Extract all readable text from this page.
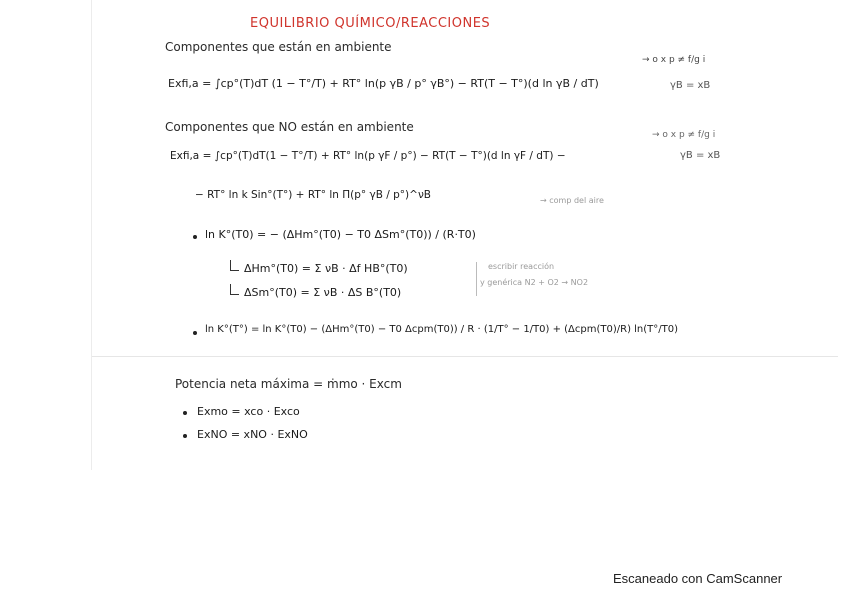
EQUILIBRIO QUÍMICO/REACCIONES
Componentes que están en ambiente
Exfi,a = ∫cp°(T)dT (1 − T°/T) + RT° ln(p γB / p° γB°) − RT(T − T°)(d ln γB / dT)
→ o x p ≠ f/g i
γB = xB
Componentes que NO están en ambiente
→ o x p ≠ f/g i
Exfi,a = ∫cp°(T)dT(1 − T°/T) + RT° ln(p γF / p°) − RT(T − T°)(d ln γF / dT) −	γB = xB
− RT° ln k Sin°(T°) + RT° ln Π(p° γB / p°)^νB	→ comp del aire
ln K°(T0) = − (ΔHm°(T0) − T0 ΔSm°(T0)) / (R·T0)
ΔHm°(T0) = Σ νB · Δf HB°(T0)
ΔSm°(T0) = Σ νB · ΔS B°(T0)
escribir reacción
y genérica N2 + O2 → NO2
ln K°(T°) = ln K°(T0) − (ΔHm°(T0) − T0 Δcpm(T0)) / R · (1/T° − 1/T0) + (Δcpm(T0)/R) ln(T°/T0)
Potencia neta máxima = ṁmo · Excm
Exmo = xco · Exco
ExNO = xNO · ExNO
Escaneado con CamScanner
